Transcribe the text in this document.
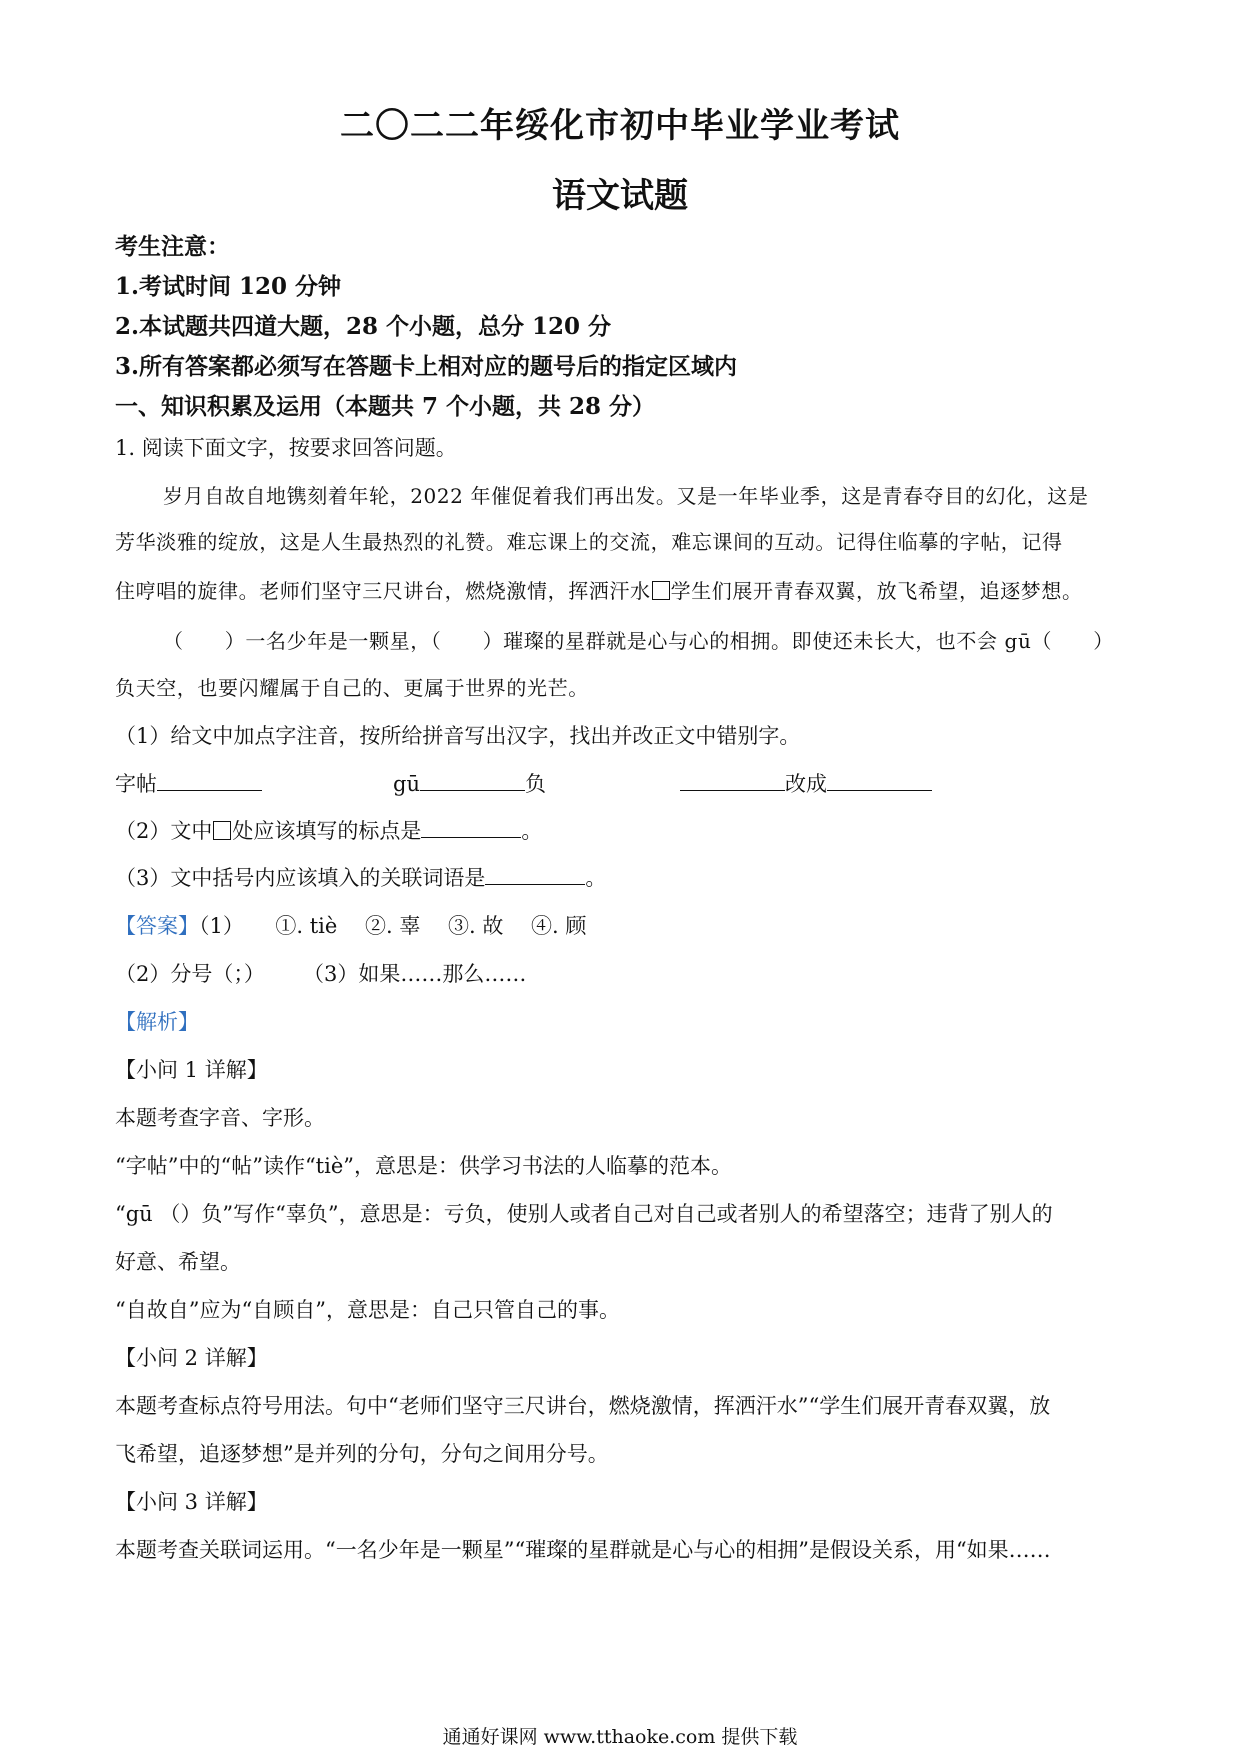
二〇二二年绥化市初中毕业学业考试
语文试题
考生注意：
1.考试时间 120 分钟
2.本试题共四道大题，28 个小题，总分 120 分
3.所有答案都必须写在答题卡上相对应的题号后的指定区域内
一、知识积累及运用（本题共 7 个小题，共 28 分）
1. 阅读下面文字，按要求回答问题。
岁月自故自地镌刻着年轮，2022 年催促着我们再出发。又是一年毕业季，这是青春夺目的幻化，这是
芳华淡雅的绽放，这是人生最热烈的礼赞。难忘课上的交流，难忘课间的互动。记得住临摹的字帖，记得
住哼唱的旋律。老师们坚守三尺讲台，燃烧激情，挥洒汗水 学生们展开青春双翼，放飞希望，追逐梦想。
（　　）一名少年是一颗星，（　　）璀璨的星群就是心与心的相拥。即使还未长大，也不会 gū（　　）
负天空，也要闪耀属于自己的、更属于世界的光芒。
（1）给文中加点字注音，按所给拼音写出汉字，找出并改正文中错别字。
字帖	gū	负	改成
（2）文中 处应该填写的标点是	。
（3）文中括号内应该填入的关联词语是	。
【答案】（1）　　①. tiè　 ②. 辜　 ③. 故　 ④. 顾
（2）分号（；）　　 （3）如果……那么……
【解析】
【小问 1 详解】
本题考查字音、字形。
“字帖”中的“帖”读作“tiè”，意思是：供学习书法的人临摹的范本。
“gū （）负”写作“辜负”，意思是：亏负，使别人或者自己对自己或者别人的希望落空；违背了别人的
好意、希望。
“自故自”应为“自顾自”，意思是：自己只管自己的事。
【小问 2 详解】
本题考查标点符号用法。句中“老师们坚守三尺讲台，燃烧激情，挥洒汗水”“学生们展开青春双翼，放
飞希望，追逐梦想”是并列的分句，分句之间用分号。
【小问 3 详解】
本题考查关联词运用。“一名少年是一颗星”“璀璨的星群就是心与心的相拥”是假设关系，用“如果……
通通好课网 www.tthaoke.com 提供下载
